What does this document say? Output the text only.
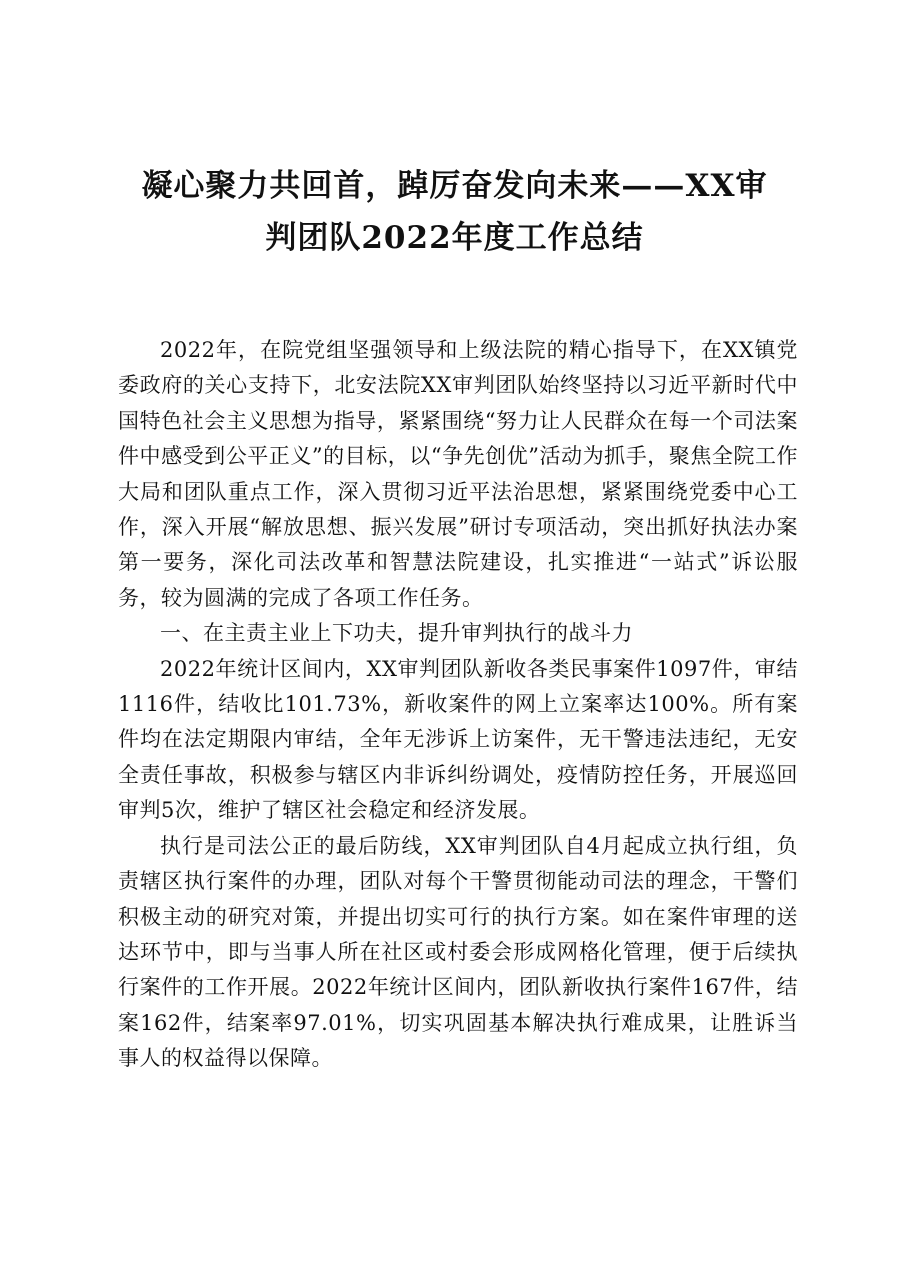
凝心聚力共回首，踔厉奋发向未来——XX审
判团队2022年度工作总结

2022年，在院党组坚强领导和上级法院的精心指导下，在XX镇党委政府的关心支持下，北安法院XX审判团队始终坚持以习近平新时代中国特色社会主义思想为指导，紧紧围绕“努力让人民群众在每一个司法案件中感受到公平正义”的目标，以“争先创优”活动为抓手，聚焦全院工作大局和团队重点工作，深入贯彻习近平法治思想，紧紧围绕党委中心工作，深入开展“解放思想、振兴发展”研讨专项活动，突出抓好执法办案第一要务，深化司法改革和智慧法院建设，扎实推进“一站式”诉讼服务，较为圆满的完成了各项工作任务。

一、在主责主业上下功夫，提升审判执行的战斗力

2022年统计区间内，XX审判团队新收各类民事案件1097件，审结1116件，结收比101.73%，新收案件的网上立案率达100%。所有案件均在法定期限内审结，全年无涉诉上访案件，无干警违法违纪，无安全责任事故，积极参与辖区内非诉纠纷调处，疫情防控任务，开展巡回审判5次，维护了辖区社会稳定和经济发展。

执行是司法公正的最后防线，XX审判团队自4月起成立执行组，负责辖区执行案件的办理，团队对每个干警贯彻能动司法的理念，干警们积极主动的研究对策，并提出切实可行的执行方案。如在案件审理的送达环节中，即与当事人所在社区或村委会形成网格化管理，便于后续执行案件的工作开展。2022年统计区间内，团队新收执行案件167件，结案162件，结案率97.01%，切实巩固基本解决执行难成果，让胜诉当事人的权益得以保障。
